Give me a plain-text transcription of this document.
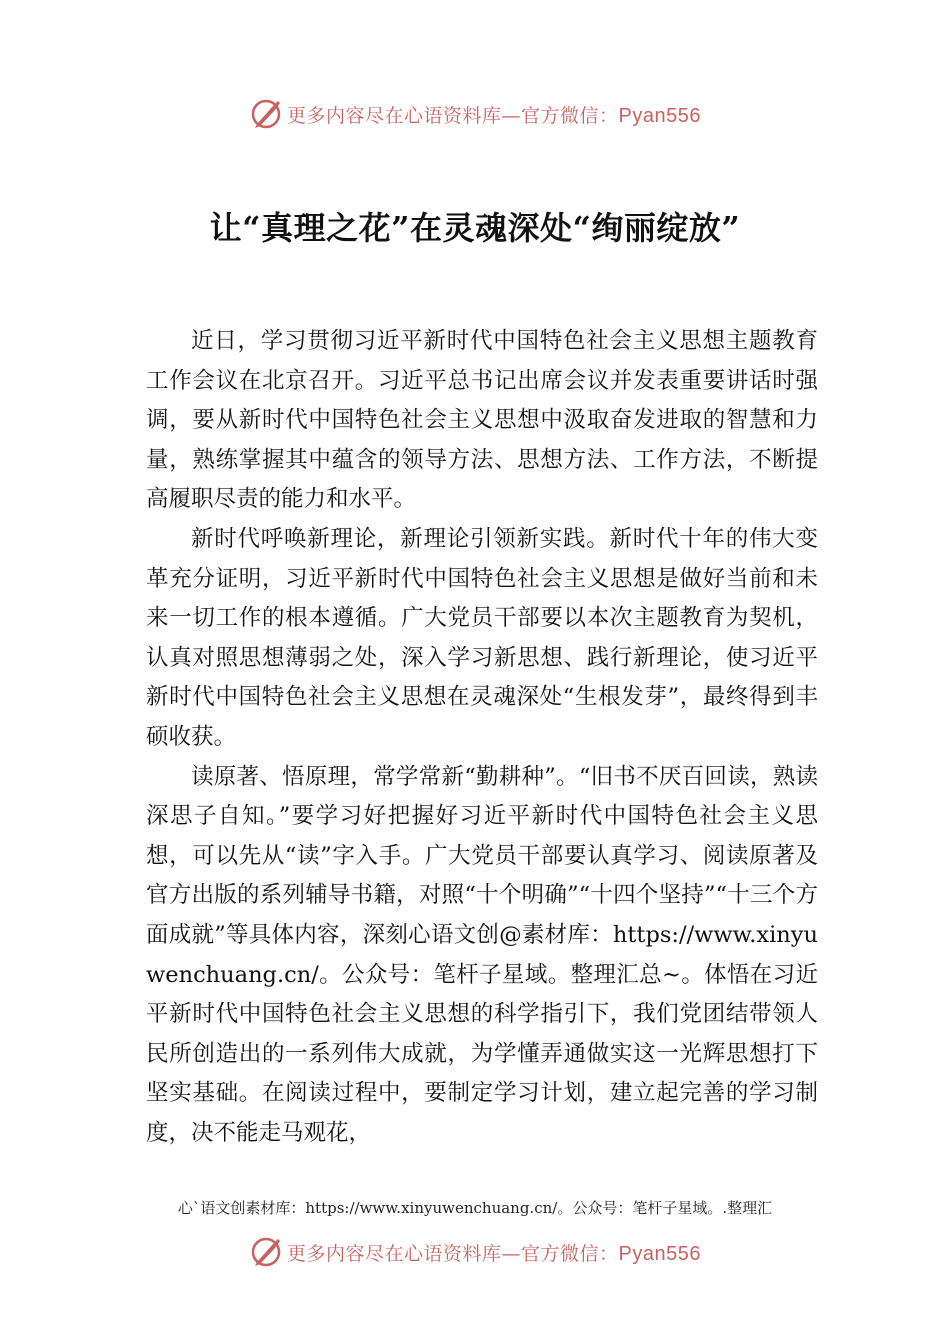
更多内容尽在心语资料库—官方微信：Pyan556
让“真理之花”在灵魂深处“绚丽绽放”

近日，学习贯彻习近平新时代中国特色社会主义思想主题教育工作会议在北京召开。习近平总书记出席会议并发表重要讲话时强调，要从新时代中国特色社会主义思想中汲取奋发进取的智慧和力量，熟练掌握其中蕴含的领导方法、思想方法、工作方法，不断提高履职尽责的能力和水平。

新时代呼唤新理论，新理论引领新实践。新时代十年的伟大变革充分证明，习近平新时代中国特色社会主义思想是做好当前和未来一切工作的根本遵循。广大党员干部要以本次主题教育为契机，认真对照思想薄弱之处，深入学习新思想、践行新理论，使习近平新时代中国特色社会主义思想在灵魂深处“生根发芽”，最终得到丰硕收获。

读原著、悟原理，常学常新“勤耕种”。“旧书不厌百回读，熟读深思子自知。”要学习好把握好习近平新时代中国特色社会主义思想，可以先从“读”字入手。广大党员干部要认真学习、阅读原著及官方出版的系列辅导书籍，对照“十个明确”“十四个坚持”“十三个方面成就”等具体内容，深刻心语文创@素材库：https://www.xinyuwenchuang.cn/。公众号：笔杆子星域。整理汇总~。体悟在习近平新时代中国特色社会主义思想的科学指引下，我们党团结带领人民所创造出的一系列伟大成就，为学懂弄通做实这一光辉思想打下坚实基础。在阅读过程中，要制定学习计划，建立起完善的学习制度，决不能走马观花，

心`语文创素材库：https://www.xinyuwenchuang.cn/。公众号：笔杆子星域。.整理汇
更多内容尽在心语资料库—官方微信：Pyan556
